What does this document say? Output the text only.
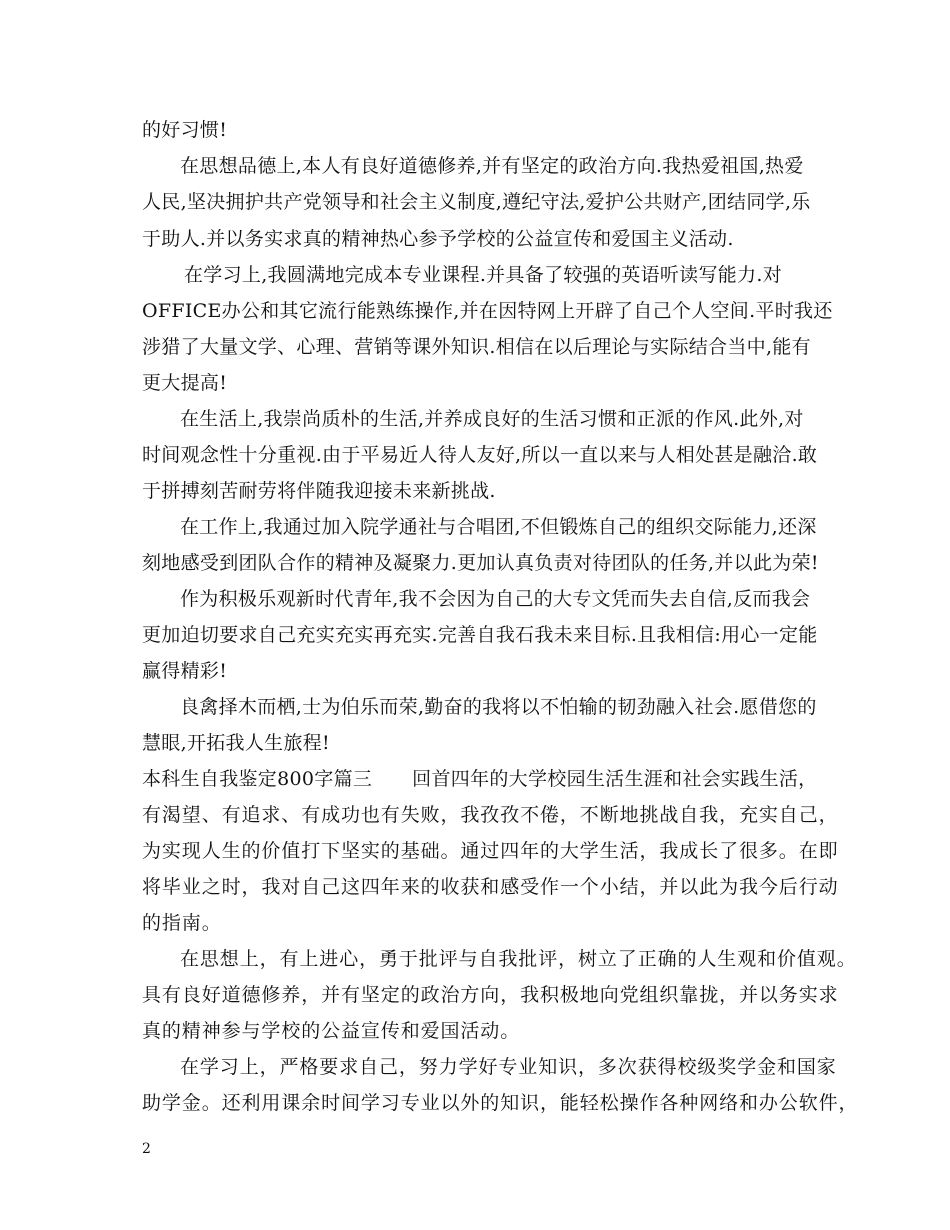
的好习惯!
在思想品德上,本人有良好道德修养,并有坚定的政治方向.我热爱祖国,热爱
人民,坚决拥护共产党领导和社会主义制度,遵纪守法,爱护公共财产,团结同学,乐
于助人.并以务实求真的精神热心参予学校的公益宣传和爱国主义活动.
在学习上,我圆满地完成本专业课程.并具备了较强的英语听读写能力.对
OFFICE办公和其它流行能熟练操作,并在因特网上开辟了自己个人空间.平时我还
涉猎了大量文学、心理、营销等课外知识.相信在以后理论与实际结合当中,能有
更大提高!
在生活上,我崇尚质朴的生活,并养成良好的生活习惯和正派的作风.此外,对
时间观念性十分重视.由于平易近人待人友好,所以一直以来与人相处甚是融洽.敢
于拼搏刻苦耐劳将伴随我迎接未来新挑战.
在工作上,我通过加入院学通社与合唱团,不但锻炼自己的组织交际能力,还深
刻地感受到团队合作的精神及凝聚力.更加认真负责对待团队的任务,并以此为荣!
作为积极乐观新时代青年,我不会因为自己的大专文凭而失去自信,反而我会
更加迫切要求自己充实充实再充实.完善自我石我未来目标.且我相信:用心一定能
赢得精彩!
良禽择木而栖,士为伯乐而荣,勤奋的我将以不怕输的韧劲融入社会.愿借您的
慧眼,开拓我人生旅程!
本科生自我鉴定800字篇三 回首四年的大学校园生活生涯和社会实践生活，
有渴望、有追求、有成功也有失败，我孜孜不倦，不断地挑战自我，充实自己，
为实现人生的价值打下坚实的基础。通过四年的大学生活，我成长了很多。在即
将毕业之时，我对自己这四年来的收获和感受作一个小结，并以此为我今后行动
的指南。
在思想上，有上进心，勇于批评与自我批评，树立了正确的人生观和价值观。
具有良好道德修养，并有坚定的政治方向，我积极地向党组织靠拢，并以务实求
真的精神参与学校的公益宣传和爱国活动。
在学习上，严格要求自己，努力学好专业知识，多次获得校级奖学金和国家
助学金。还利用课余时间学习专业以外的知识，能轻松操作各种网络和办公软件，
2
